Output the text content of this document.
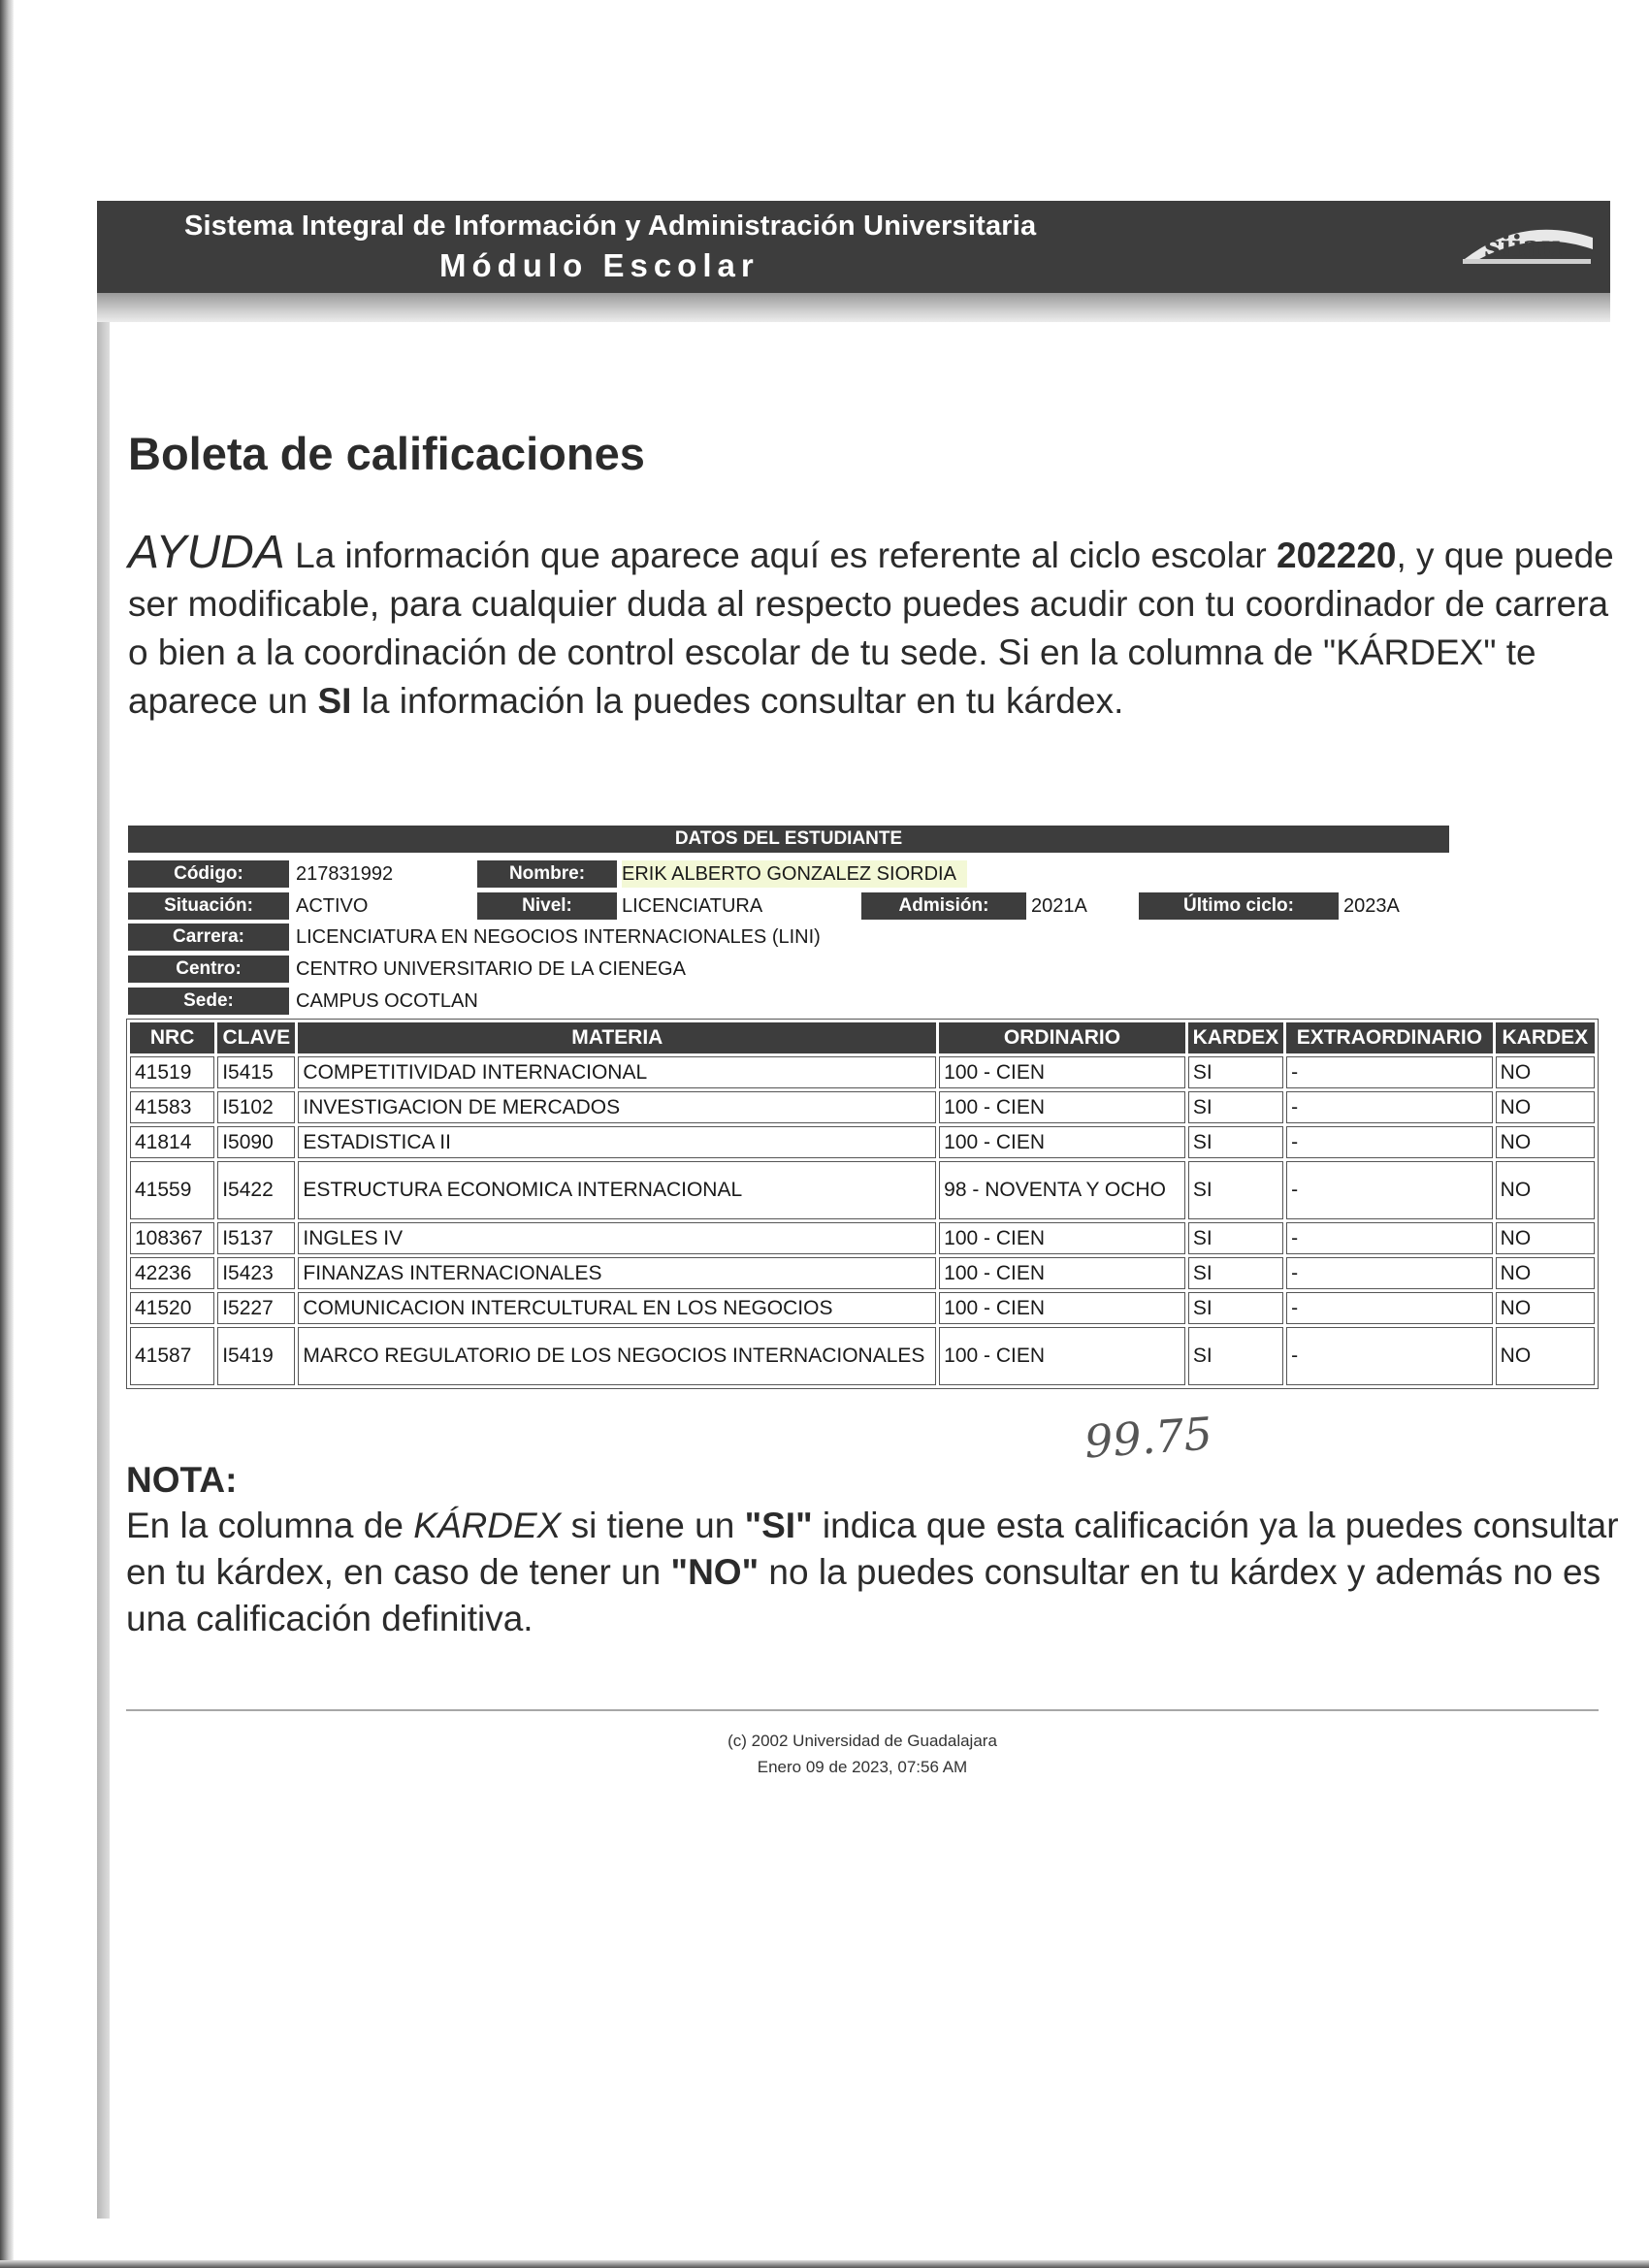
Sistema Integral de Información y Administración Universitaria
Módulo Escolar
siiau
Boleta de calificaciones
AYUDA La información que aparece aquí es referente al ciclo escolar 202220, y que puede ser modificable, para cualquier duda al respecto puedes acudir con tu coordinador de carrera o bien a la coordinación de control escolar de tu sede. Si en la columna de "KÁRDEX" te aparece un SI la información la puedes consultar en tu kárdex.
DATOS DEL ESTUDIANTE
Código:	217831992	Nombre:	ERIK ALBERTO GONZALEZ SIORDIA
Situación:	ACTIVO	Nivel:	LICENCIATURA	Admisión:	2021A	Último ciclo:	2023A
Carrera:	LICENCIATURA EN NEGOCIOS INTERNACIONALES (LINI)
Centro:	CENTRO UNIVERSITARIO DE LA CIENEGA
Sede:	CAMPUS OCOTLAN
NRC	CLAVE	MATERIA	ORDINARIO	KARDEX	EXTRAORDINARIO	KARDEX
41519	I5415	COMPETITIVIDAD INTERNACIONAL	100 - CIEN	SI	-	NO
41583	I5102	INVESTIGACION DE MERCADOS	100 - CIEN	SI	-	NO
41814	I5090	ESTADISTICA II	100 - CIEN	SI	-	NO
41559	I5422	ESTRUCTURA ECONOMICA INTERNACIONAL	98 - NOVENTA Y OCHO	SI	-	NO
108367	I5137	INGLES IV	100 - CIEN	SI	-	NO
42236	I5423	FINANZAS INTERNACIONALES	100 - CIEN	SI	-	NO
41520	I5227	COMUNICACION INTERCULTURAL EN LOS NEGOCIOS	100 - CIEN	SI	-	NO
41587	I5419	MARCO REGULATORIO DE LOS NEGOCIOS INTERNACIONALES	100 - CIEN	SI	-	NO
99.75
NOTA:
En la columna de KÁRDEX si tiene un "SI" indica que esta calificación ya la puedes consultar en tu kárdex, en caso de tener un "NO" no la puedes consultar en tu kárdex y además no es una calificación definitiva.
(c) 2002 Universidad de Guadalajara
Enero 09 de 2023, 07:56 AM
